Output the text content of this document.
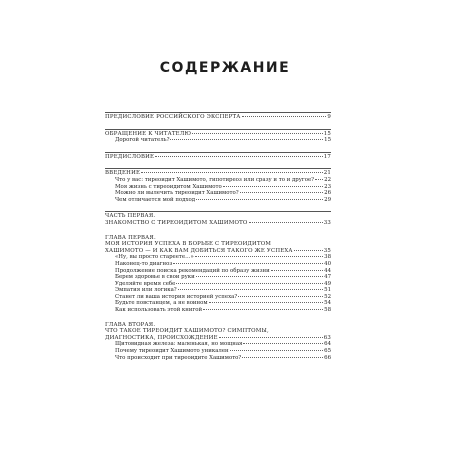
СОДЕРЖАНИЕ
ПРЕДИСЛОВИЕ РОССИЙСКОГО ЭКСПЕРТА	9
ОБРАЩЕНИЕ К ЧИТАТЕЛЮ	15
Дорогой читатель?	15
ПРЕДИСЛОВИЕ	17
ВВЕДЕНИЕ	21
Что у вас: тиреоидит Хашимото, гипотиреоз или сразу и то и другое? 22
Моя жизнь с тиреоидитом Хашимото	23
Можно ли вылечить тиреоидит Хашимото?	26
Чем отличается мой подход	29
ЧАСТЬ ПЕРВАЯ.
ЗНАКОМСТВО С ТИРЕОИДИТОМ ХАШИМОТО	33
ГЛАВА ПЕРВАЯ.
МОЯ ИСТОРИЯ УСПЕХА В БОРЬБЕ С ТИРЕОИДИТОМ
ХАШИМОТО — И КАК ВАМ ДОБИТЬСЯ ТАКОГО ЖЕ УСПЕХА	35
«Ну, вы просто стареете…»	38
Наконец-то диагноз	40
Продолжение поиска рекомендаций по образу жизни	44
Берем здоровье в свои руки	47
Уделяйте время себе	49
Эмпатия или логика?	51
Станет ли ваша история историей успеха?	52
Будьте повстанцем, а не воином	54
Как использовать этой книгой	58
ГЛАВА ВТОРАЯ.
ЧТО ТАКОЕ ТИРЕОИДИТ ХАШИМОТО? СИМПТОМЫ,
ДИАГНОСТИКА, ПРОИСХОЖДЕНИЕ	63
Щитовидная железа: маленькая, но мощная	64
Почему тиреоидит Хашимото уникален	65
Что происходит при тиреоидите Хашимото?	66
